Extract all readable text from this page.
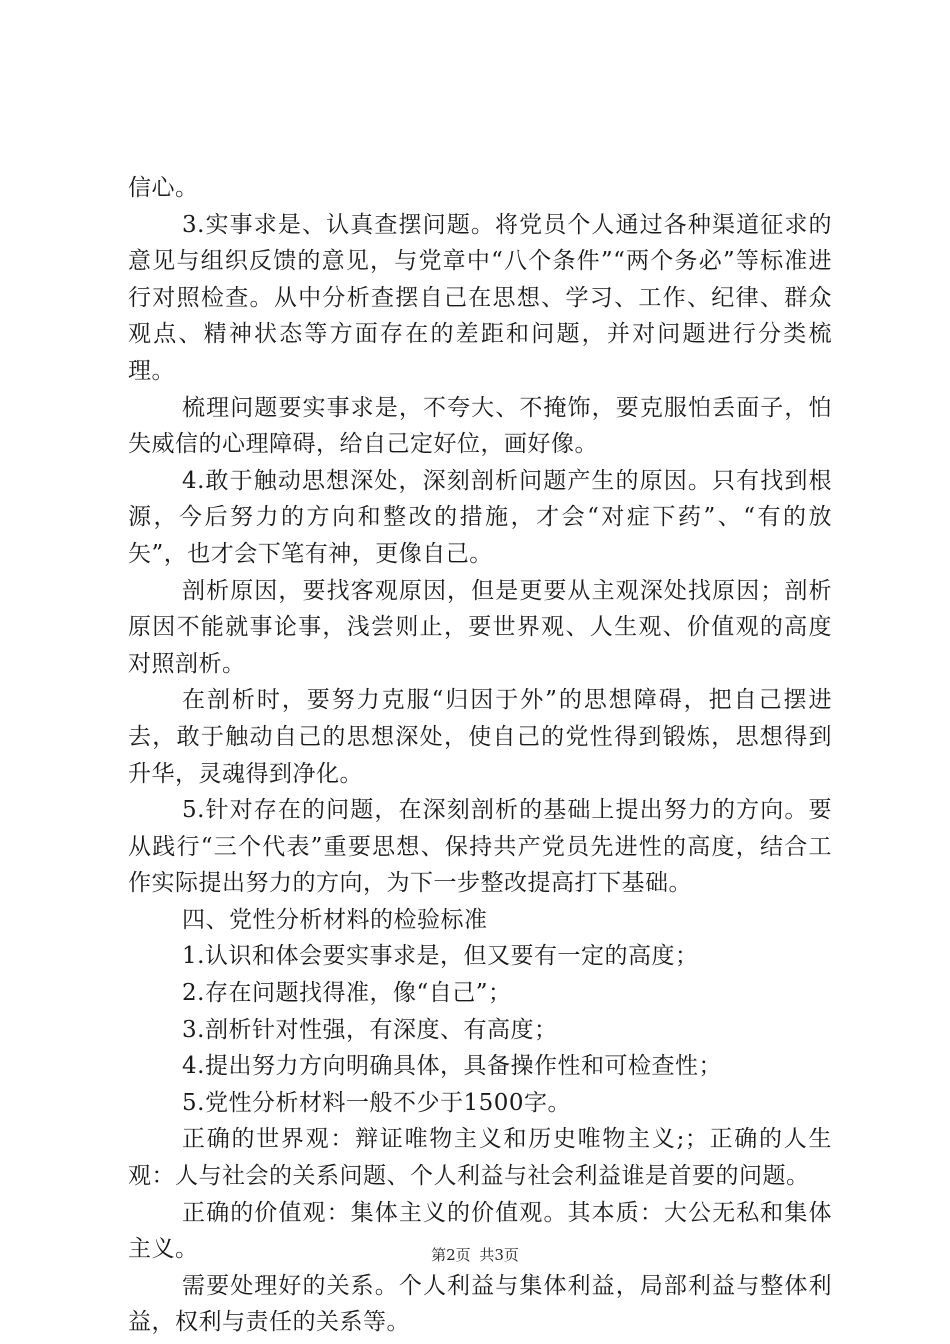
信心。

3.实事求是、认真查摆问题。将党员个人通过各种渠道征求的意见与组织反馈的意见，与党章中“八个条件”“两个务必”等标准进行对照检查。从中分析查摆自己在思想、学习、工作、纪律、群众观点、精神状态等方面存在的差距和问题，并对问题进行分类梳理。

梳理问题要实事求是，不夸大、不掩饰，要克服怕丢面子，怕失威信的心理障碍，给自己定好位，画好像。

4.敢于触动思想深处，深刻剖析问题产生的原因。只有找到根源，今后努力的方向和整改的措施，才会“对症下药”、“有的放矢”，也才会下笔有神，更像自己。

剖析原因，要找客观原因，但是更要从主观深处找原因；剖析原因不能就事论事，浅尝则止，要世界观、人生观、价值观的高度对照剖析。

在剖析时，要努力克服“归因于外”的思想障碍，把自己摆进去，敢于触动自己的思想深处，使自己的党性得到锻炼，思想得到升华，灵魂得到净化。

5.针对存在的问题，在深刻剖析的基础上提出努力的方向。要从践行“三个代表”重要思想、保持共产党员先进性的高度，结合工作实际提出努力的方向，为下一步整改提高打下基础。

四、党性分析材料的检验标准

1.认识和体会要实事求是，但又要有一定的高度；

2.存在问题找得准，像“自己”；

3.剖析针对性强，有深度、有高度；

4.提出努力方向明确具体，具备操作性和可检查性；

5.党性分析材料一般不少于1500字。

正确的世界观：辩证唯物主义和历史唯物主义;；正确的人生观：人与社会的关系问题、个人利益与社会利益谁是首要的问题。

正确的价值观：集体主义的价值观。其本质：大公无私和集体主义。

需要处理好的关系。个人利益与集体利益，局部利益与整体利益，权利与责任的关系等。

第2页 共3页
